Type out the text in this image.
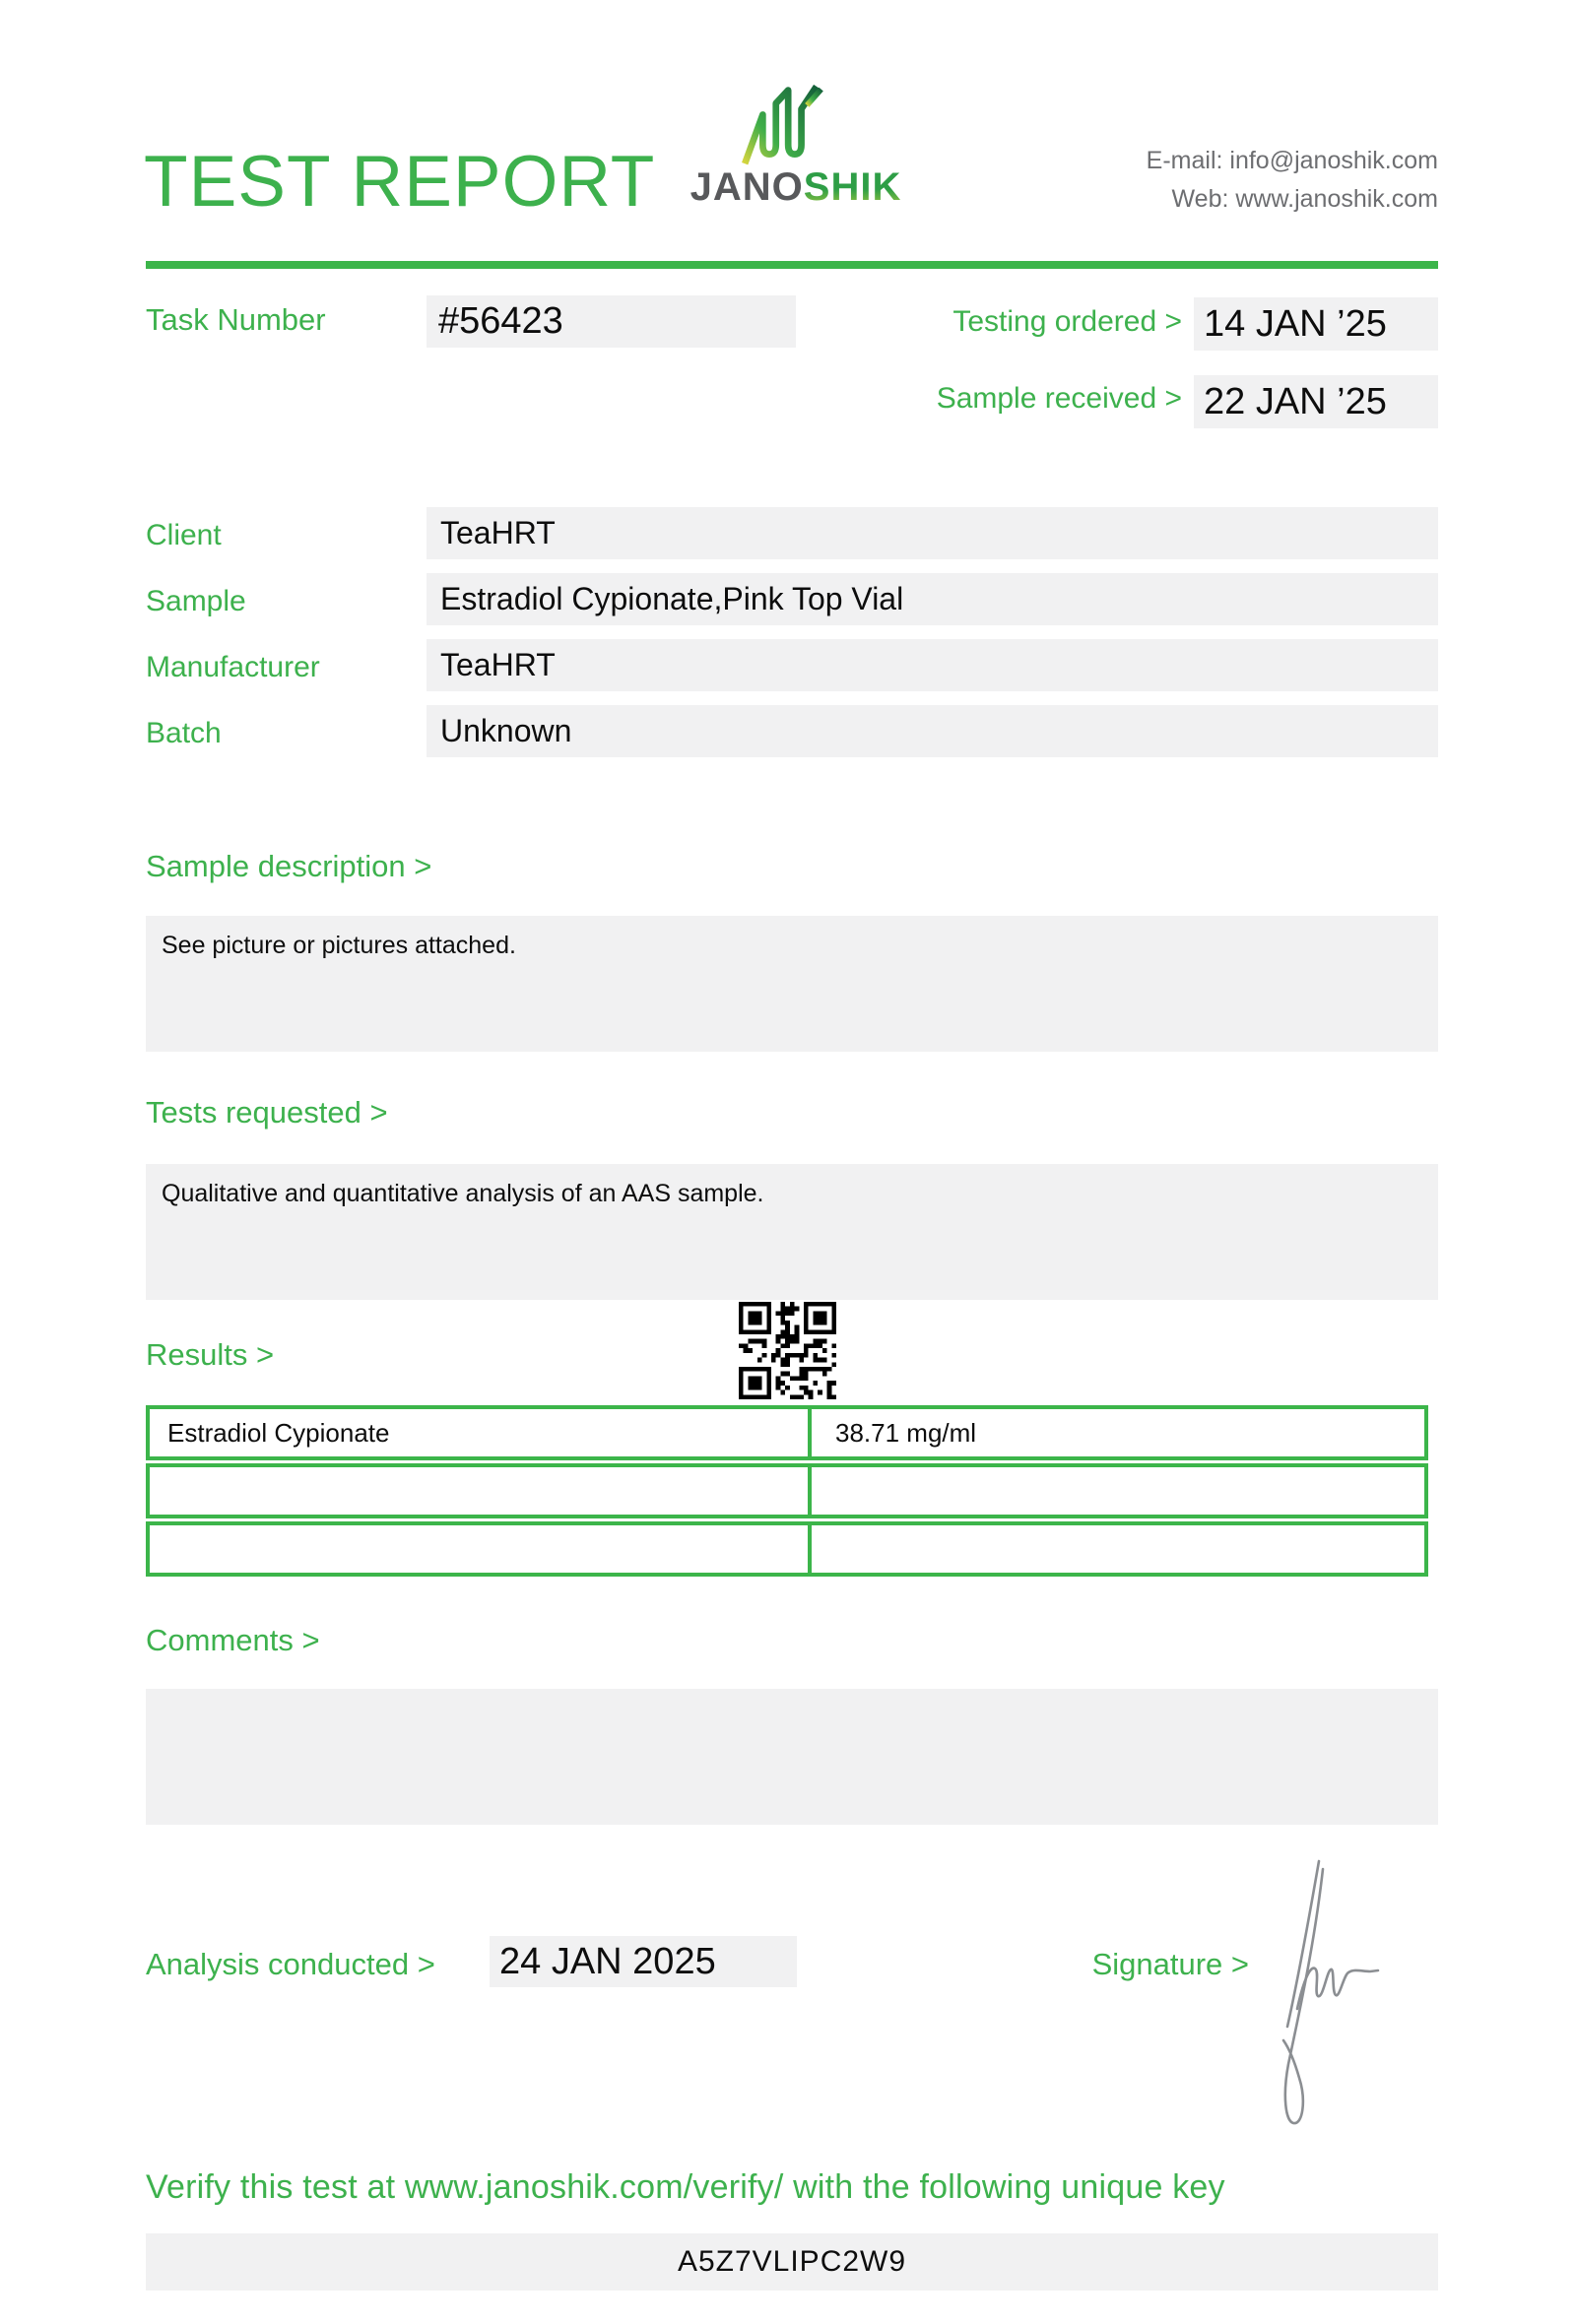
TEST REPORT JANOSHIK
E-mail: info@janoshik.com
Web: www.janoshik.com
Task Number	#56423	Testing ordered > 14 JAN ’25
Sample received > 22 JAN ’25
Client	TeaHRT
Sample	Estradiol Cypionate,Pink Top Vial
Manufacturer	TeaHRT
Batch	Unknown
Sample description >
See picture or pictures attached.
Tests requested >
Qualitative and quantitative analysis of an AAS sample.
Results >
Estradiol Cypionate	38.71 mg/ml
Comments >
Analysis conducted > 24 JAN 2025	Signature >
Verify this test at www.janoshik.com/verify/ with the following unique key
A5Z7VLIPC2W9
